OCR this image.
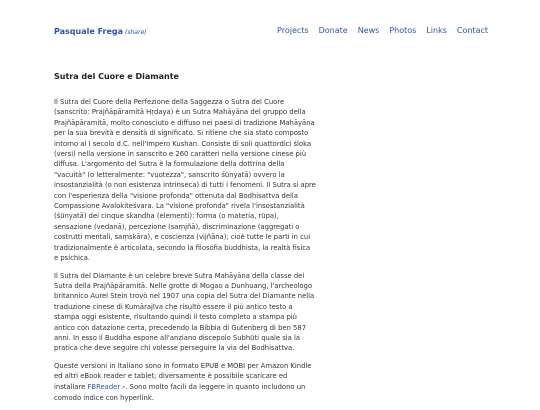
Pasquale Frega (share)	Projects Donate News Photos Links Contact
Sutra del Cuore e Diamante

Il Sutra del Cuore della Perfezione della Saggezza o Sutra del Cuore (sanscrito: Prajñāpāramitā Hṛdaya) è un Sutra Mahāyāna del gruppo della Prajñāpāramitā, molto conosciuto e diffuso nei paesi di tradizione Mahāyāna per la sua brevità e densità di significato. Si ritiene che sia stato composto intorno al I secolo d.C. nell'Impero Kushan. Consiste di soli quattordici śloka (versi) nella versione in sanscrito e 260 caratteri nella versione cinese più diffusa. L'argomento del Sutra è la formulazione della dottrina della "vacuità" (o letteralmente: "vuotezza", sanscrito śūnyatā) ovvero la insostanzialità (o non esistenza intrinseca) di tutti i fenomeni. Il Sutra si apre con l'esperienza della "visione profonda" ottenuta dal Bodhisattva della Compassione Avalokiteśvara. La "visione profonda" rivela l'insostanzialità (śūnyatā) dei cinque skandha (elementi): forma (o materia, rūpa), sensazione (vedanā), percezione (saṃjñā), discriminazione (aggregati o costrutti mentali, saṃskāra), e coscienza (vijñāna); cioè tutte le parti in cui tradizionalmente è articolata, secondo la filosofia buddhista, la realtà fisica e psichica.

Il Sutra del Diamante è un celebre breve Sutra Mahāyāna della classe dei Sutra della Prajñāpāramitā. Nelle grotte di Mogao a Dunhuang, l'archeologo britannico Aurel Stein trovò nel 1907 una copia del Sutra del Diamante nella traduzione cinese di Kumārajīva che risultò essere il più antico testo a stampa oggi esistente, risultando quindi il testo completo a stampa più antico con datazione certa, precedendo la Bibbia di Gutenberg di ben 587 anni. In esso il Buddha espone all'anziano discepolo Subhūti quale sia la pratica che deve seguire chi volesse perseguire la via del Bodhisattva.

Queste versioni in Italiano sono in formato EPUB e MOBI per Amazon Kindle ed altri eBook reader e tablet; diversamente è possibile scaricare ed installare FBReader↗. Sono molto facili da leggere in quanto includono un comodo indice con hyperlink.
